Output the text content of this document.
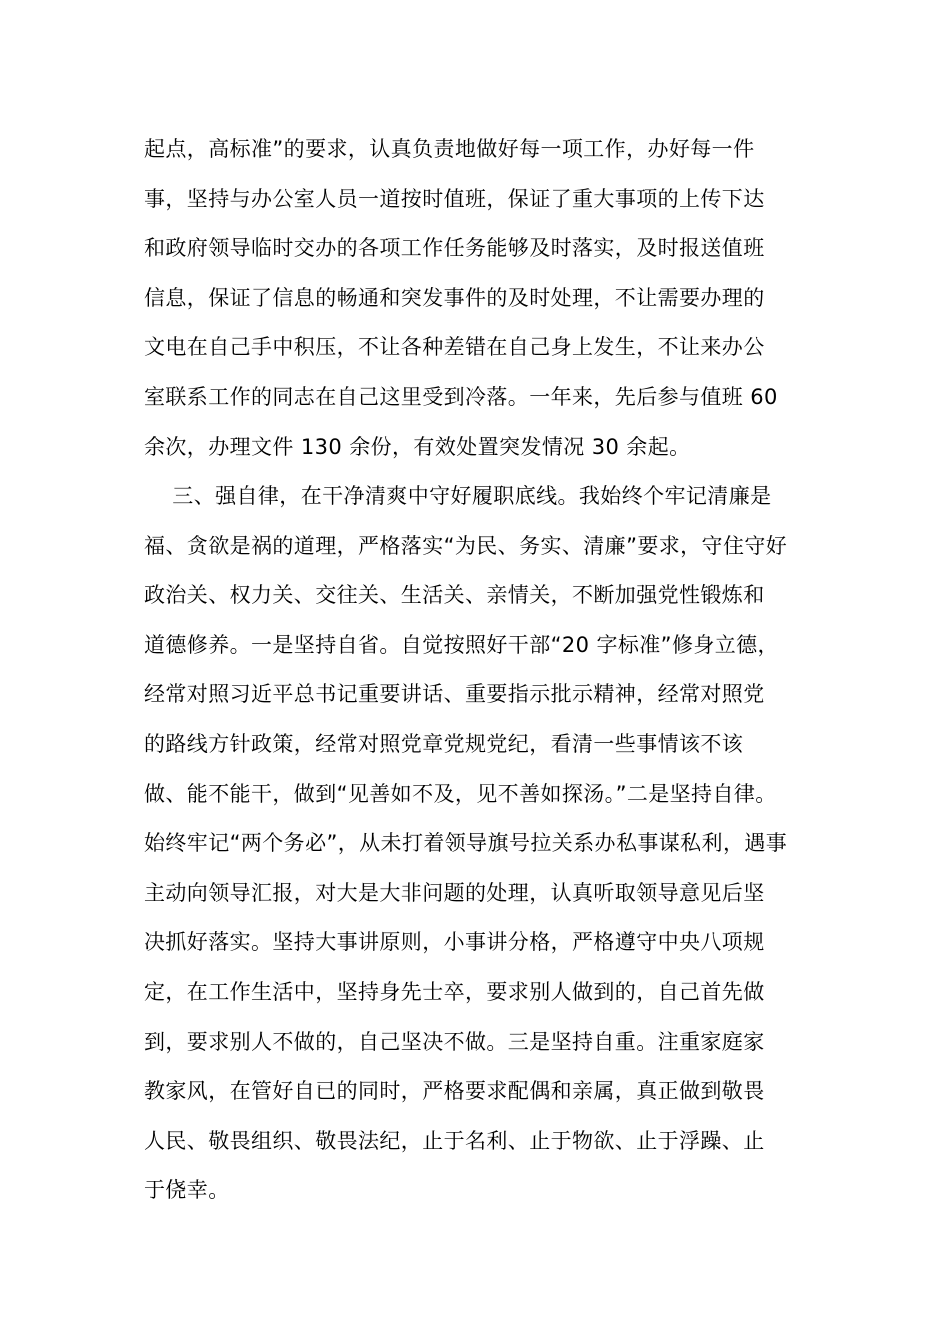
起点，高标准”的要求，认真负责地做好每一项工作，办好每一件
事，坚持与办公室人员一道按时值班，保证了重大事项的上传下达
和政府领导临时交办的各项工作任务能够及时落实，及时报送值班
信息，保证了信息的畅通和突发事件的及时处理，不让需要办理的
文电在自己手中积压，不让各种差错在自己身上发生，不让来办公
室联系工作的同志在自己这里受到冷落。一年来，先后参与值班 60
余次，办理文件 130 余份，有效处置突发情况 30 余起。
三、强自律，在干净清爽中守好履职底线。我始终个牢记清廉是
福、贪欲是祸的道理，严格落实“为民、务实、清廉”要求，守住守好
政治关、权力关、交往关、生活关、亲情关，不断加强党性锻炼和
道德修养。一是坚持自省。自觉按照好干部“20 字标准”修身立德，
经常对照习近平总书记重要讲话、重要指示批示精神，经常对照党
的路线方针政策，经常对照党章党规党纪，看清一些事情该不该
做、能不能干，做到“见善如不及，见不善如探汤。”二是坚持自律。
始终牢记“两个务必”，从未打着领导旗号拉关系办私事谋私利，遇事
主动向领导汇报，对大是大非问题的处理，认真听取领导意见后坚
决抓好落实。坚持大事讲原则，小事讲分格，严格遵守中央八项规
定，在工作生活中，坚持身先士卒，要求别人做到的，自己首先做
到，要求别人不做的，自己坚决不做。三是坚持自重。注重家庭家
教家风，在管好自已的同时，严格要求配偶和亲属，真正做到敬畏
人民、敬畏组织、敬畏法纪，止于名利、止于物欲、止于浮躁、止
于侥幸。
